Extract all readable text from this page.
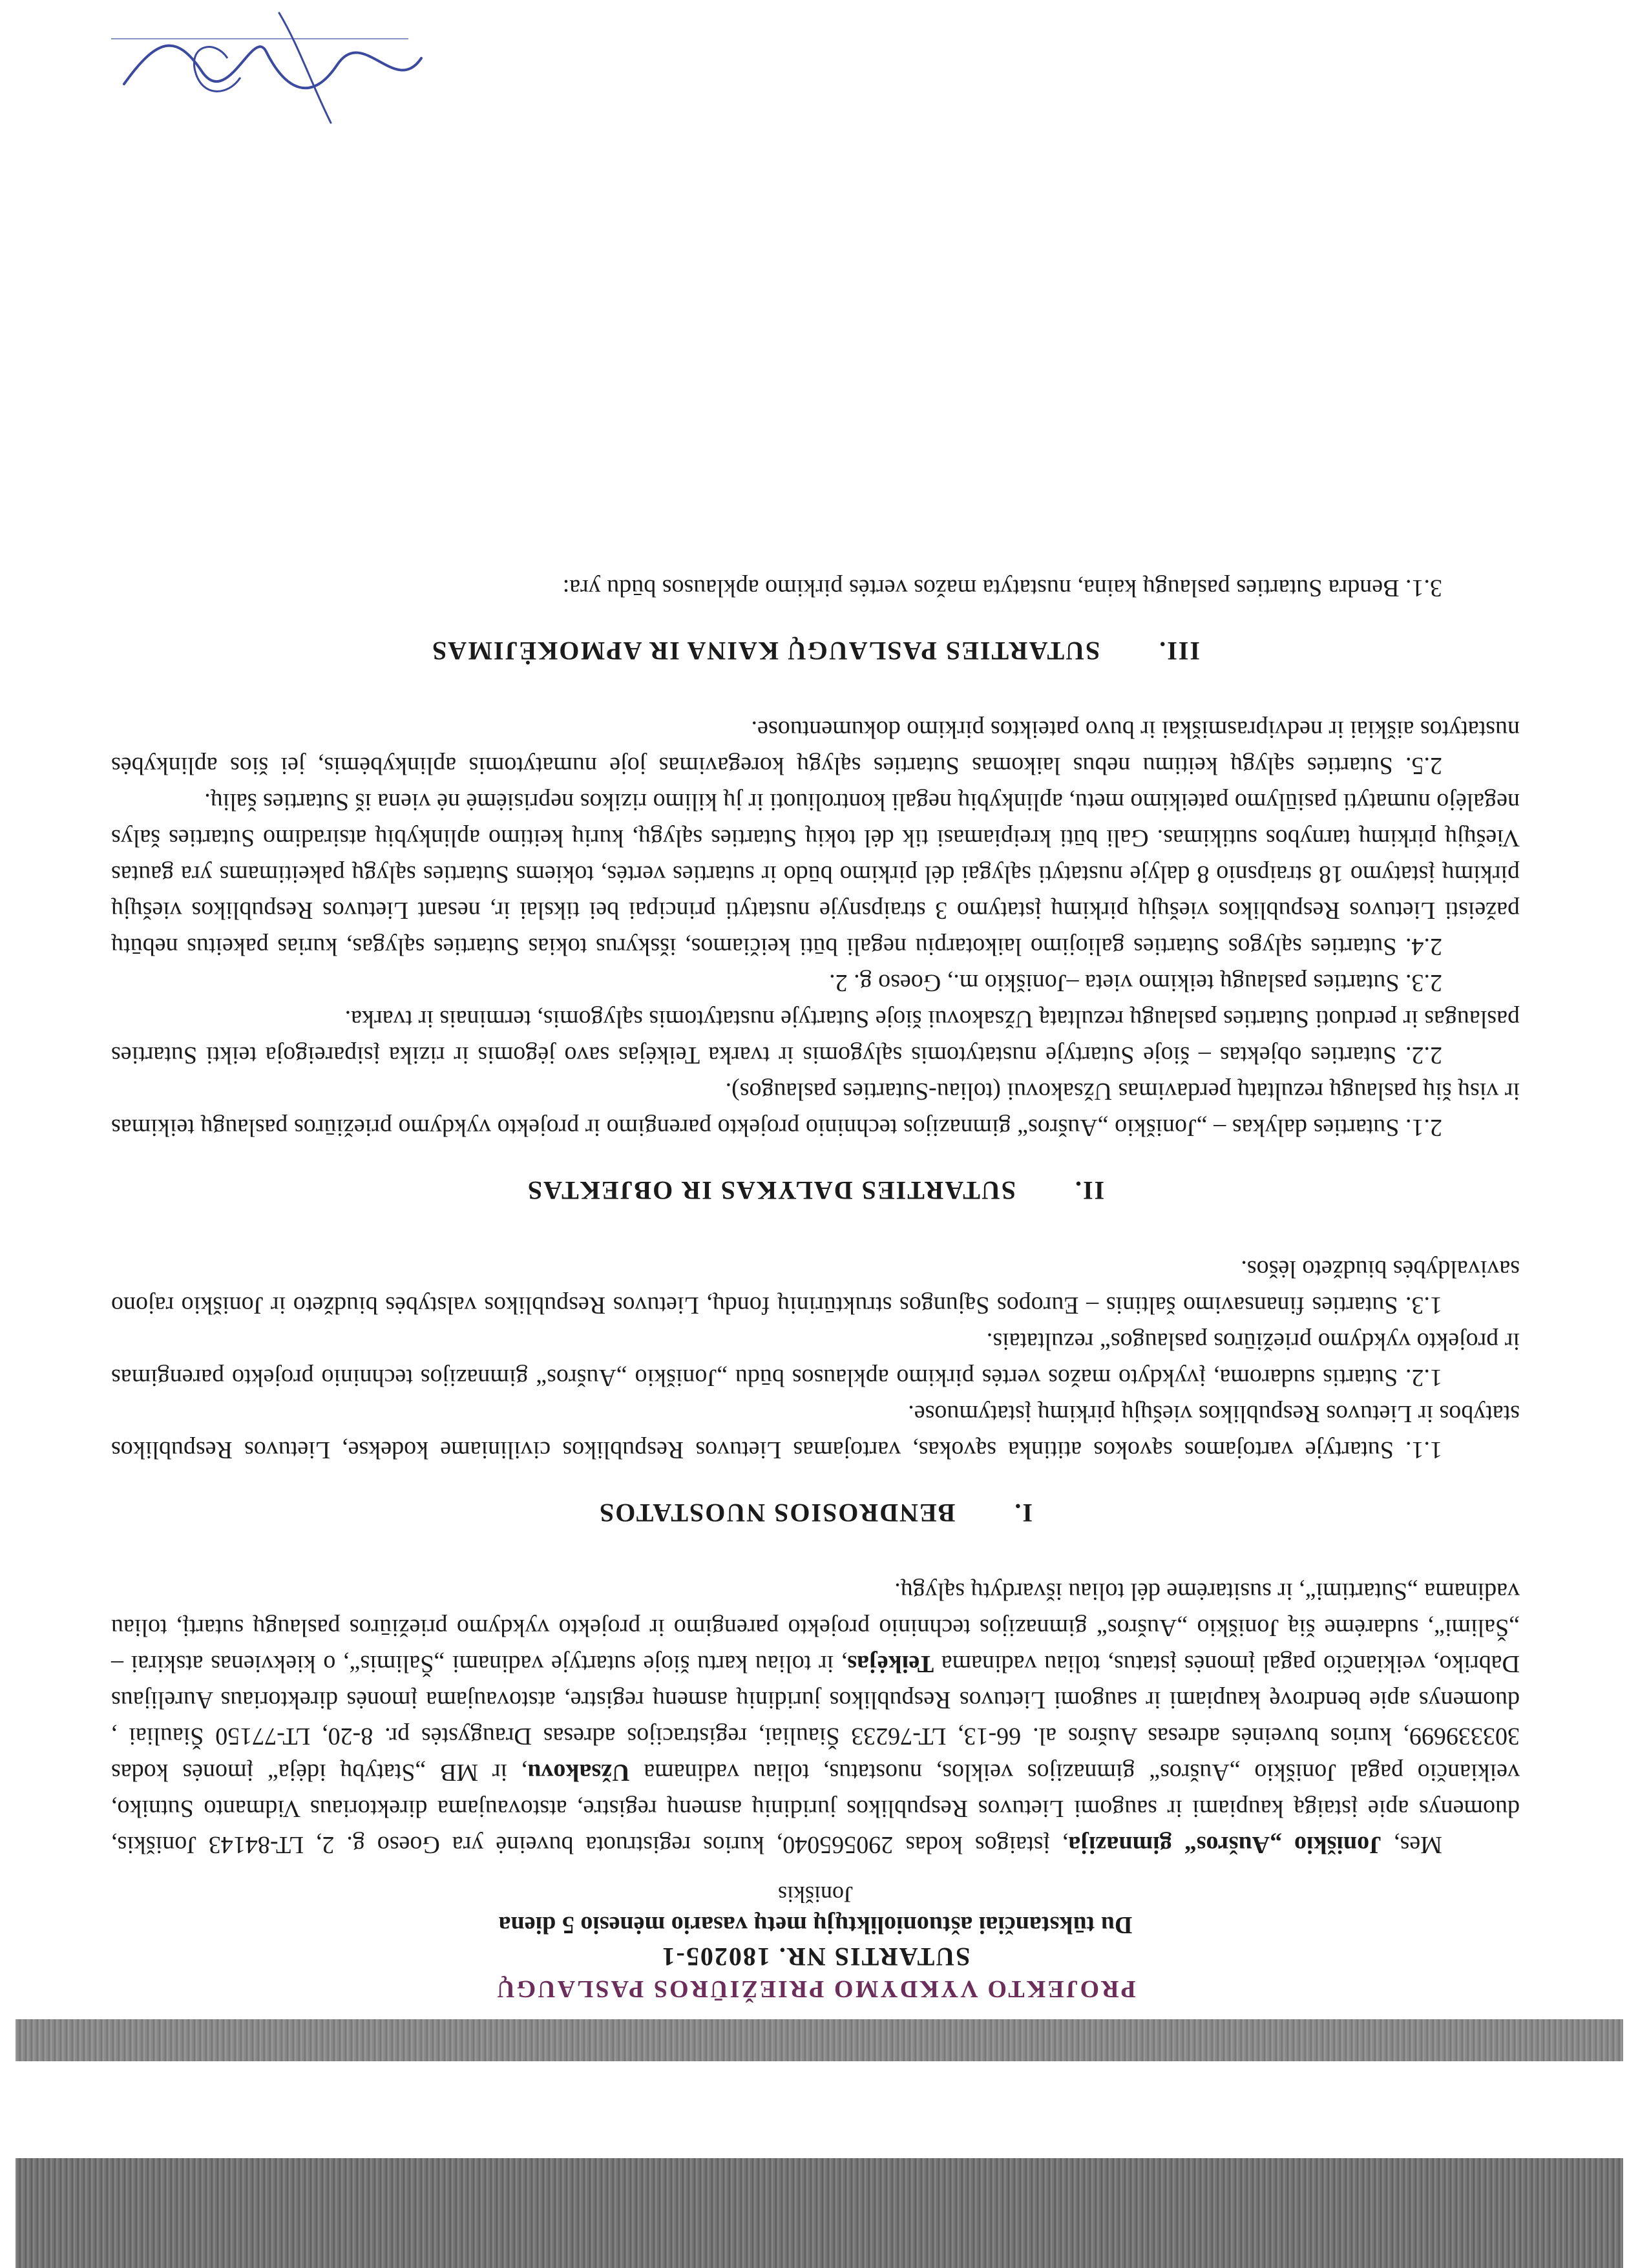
PROJEKTO VYKDYMO PRIEŽIŪROS PASLAUGŲ
SUTARTIS NR. 180205-1
Du tūkstančiai aštuonioliktųjų metų vasario mėnesio 5 diena
Joniškis

Mes, Joniškio „Aušros“ gimnazija, įstaigos kodas 290565040, kurios registruota buveinė yra Goeso g. 2, LT-84143 Joniškis, duomenys apie įstaigą kaupiami ir saugomi Lietuvos Respublikos juridinių asmenų registre, atstovaujama direktoriaus Vidmanto Sutniko, veikiančio pagal Joniškio „Aušros“ gimnazijos veiklos, nuostatus, toliau vadinama Užsakovu, ir MB „Statybų idėja“ įmonės kodas 303339699, kurios buveinės adresas Aušros al. 66-13, LT-76233 Šiauliai, registracijos adresas Draugystės pr. 8-20, LT-77150 Šiauliai , duomenys apie bendrovę kaupiami ir saugomi Lietuvos Respublikos juridinių asmenų registre, atstovaujama įmonės direktoriaus Aurelijaus Dabriko, veikiančio pagal įmonės įstatus, toliau vadinama Teikėjas, ir toliau kartu šioje sutartyje vadinami „Šalimis“, o kiekvienas atskirai – „Šalimi“, sudarėme šią Joniškio „Aušros“ gimnazijos techninio projekto parengimo ir projekto vykdymo priežiūros paslaugų sutartį, toliau vadinama „Sutartimi“, ir susitarėme dėl toliau išvardytų sąlygų.

I.BENDROSIOS NUOSTATOS

1.1. Sutartyje vartojamos sąvokos atitinka sąvokas, vartojamas Lietuvos Respublikos civiliniame kodekse, Lietuvos Respublikos statybos ir Lietuvos Respublikos viešųjų pirkimų įstatymuose.

1.2. Sutartis sudaroma, įvykdyto mažos vertės pirkimo apklausos būdu „Joniškio „Aušros“ gimnazijos techninio projekto parengimas ir projekto vykdymo priežiūros paslaugos“ rezultatais.

1.3. Sutarties finansavimo šaltinis – Europos Sąjungos struktūrinių fondų, Lietuvos Respublikos valstybės biudžeto ir Joniškio rajono savivaldybės biudžeto lėšos.

II.SUTARTIES DALYKAS IR OBJEKTAS

2.1. Sutarties dalykas – „Joniškio „Aušros“ gimnazijos techninio projekto parengimo ir projekto vykdymo priežiūros paslaugų teikimas ir visų šių paslaugų rezultatų perdavimas Užsakovui (toliau-Sutarties paslaugos).

2.2. Sutarties objektas – šioje Sutartyje nustatytomis sąlygomis ir tvarka Teikėjas savo jėgomis ir rizika įsipareigoja teikti Sutarties paslaugas ir perduoti Sutarties paslaugų rezultatą Užsakovui šioje Sutartyje nustatytomis sąlygomis, terminais ir tvarka.

2.3. Sutarties paslaugų teikimo vieta –Joniškio m., Goeso g. 2.

2.4. Sutarties sąlygos Sutarties galiojimo laikotarpiu negali būti keičiamos, išskyrus tokias Sutarties sąlygas, kurias pakeitus nebūtų pažeisti Lietuvos Respublikos viešųjų pirkimų įstatymo 3 straipsnyje nustatyti principai bei tikslai ir, nesant Lietuvos Respublikos viešųjų pirkimų įstatymo 18 straipsnio 8 dalyje nustatyti sąlygai dėl pirkimo būdo ir sutarties vertės, tokiems Sutarties sąlygų pakeitimams yra gautas Viešųjų pirkimų tarnybos sutikimas. Gali būti kreipiamasi tik dėl tokių Sutarties sąlygų, kurių keitimo aplinkybių atsiradimo Sutarties šalys negalėjo numatyti pasiūlymo pateikimo metu, aplinkybių negali kontroliuoti ir jų kilimo rizikos neprisiėmė nė viena iš Sutarties šalių.

2.5. Sutarties sąlygų keitimu nebus laikomas Sutarties sąlygų koregavimas joje numatytomis aplinkybėmis, jei šios aplinkybės nustatytos aiškiai ir nedviprasmiškai ir buvo pateiktos pirkimo dokumentuose.

III.SUTARTIES PASLAUGŲ KAINA IR APMOKĖJIMAS

3.1. Bendra Sutarties paslaugų kaina, nustatyta mažos vertės pirkimo apklausos būdu yra:
